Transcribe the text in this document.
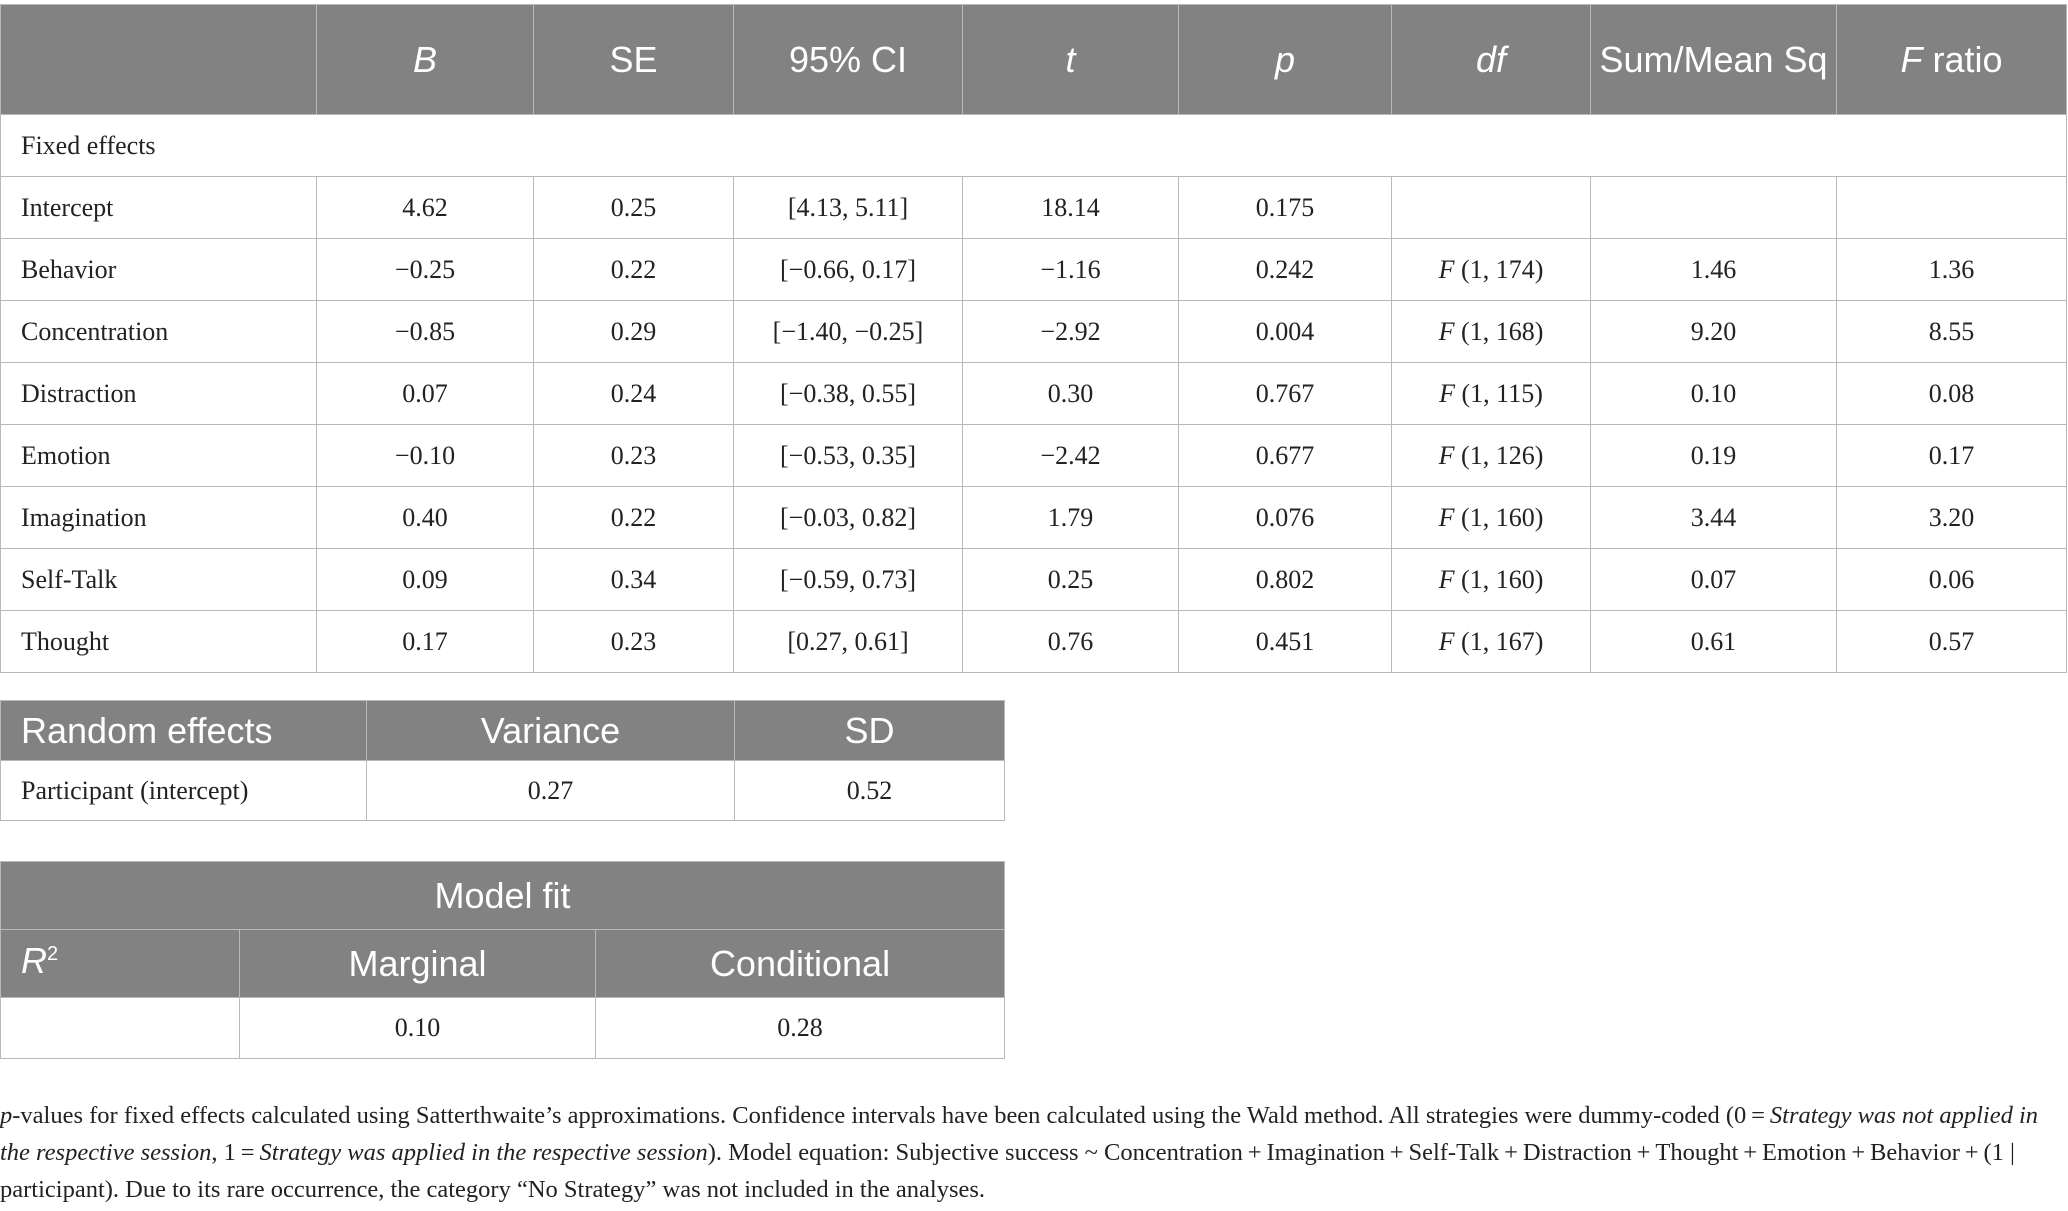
	B	SE	95% CI	t	p	df	Sum/Mean Sq	F ratio
Fixed effects								
Intercept	4.62	0.25	[4.13, 5.11]	18.14	0.175			
Behavior	−0.25	0.22	[−0.66, 0.17]	−1.16	0.242	F (1, 174)	1.46	1.36
Concentration	−0.85	0.29	[−1.40, −0.25]	−2.92	0.004	F (1, 168)	9.20	8.55
Distraction	0.07	0.24	[−0.38, 0.55]	0.30	0.767	F (1, 115)	0.10	0.08
Emotion	−0.10	0.23	[−0.53, 0.35]	−2.42	0.677	F (1, 126)	0.19	0.17
Imagination	0.40	0.22	[−0.03, 0.82]	1.79	0.076	F (1, 160)	3.44	3.20
Self-Talk	0.09	0.34	[−0.59, 0.73]	0.25	0.802	F (1, 160)	0.07	0.06
Thought	0.17	0.23	[0.27, 0.61]	0.76	0.451	F (1, 167)	0.61	0.57
Random effects	Variance	SD
Participant (intercept)	0.27	0.52
Model fit		
$R^2$	Marginal	Conditional
	0.10	0.28
p-values for fixed effects calculated using Satterthwaite’s approximations. Confidence intervals have been calculated using the Wald method. All strategies were dummy-coded (0 = Strategy was not applied in the respective session, 1 = Strategy was applied in the respective session). Model equation: Subjective success ~ Concentration + Imagination + Self-Talk + Distraction + Thought + Emotion + Behavior + (1 | participant). Due to its rare occurrence, the category “No Strategy” was not included in the analyses.
